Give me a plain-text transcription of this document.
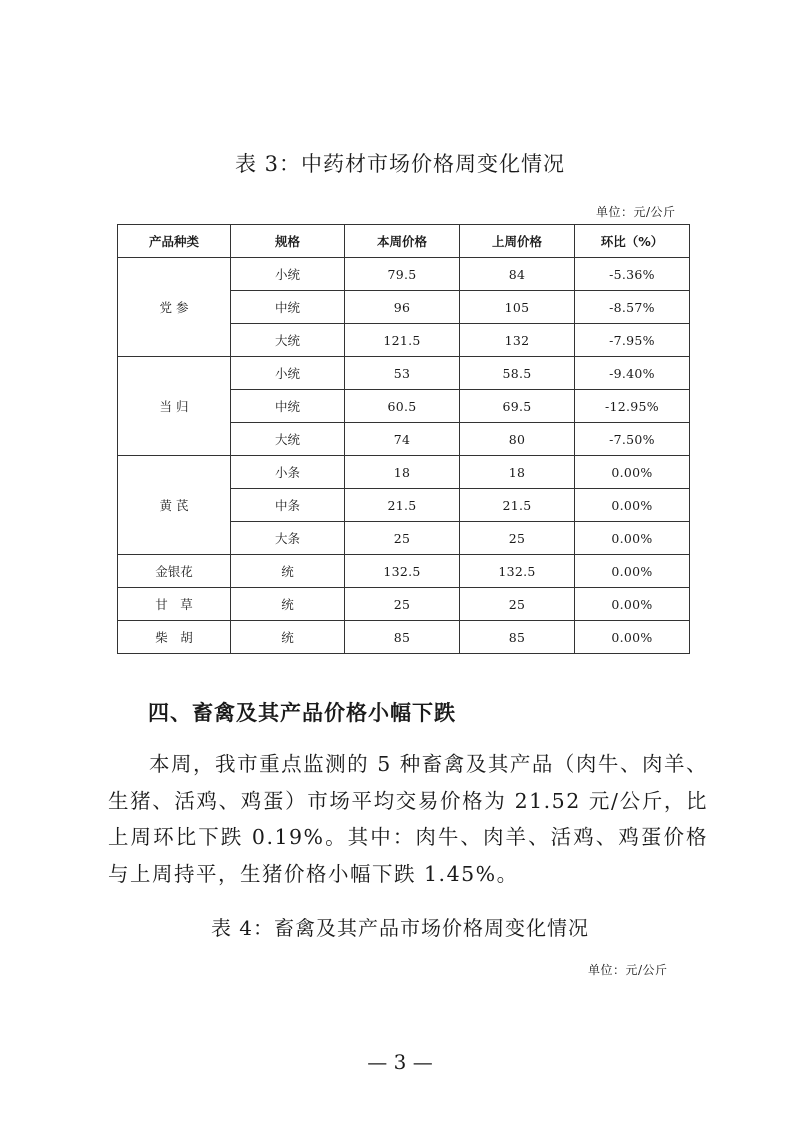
表 3：中药材市场价格周变化情况
单位：元/公斤
产品种类	规格	本周价格	上周价格	环比（%）
党 参	小统	79.5	84	-5.36%
	中统	96	105	-8.57%
	大统	121.5	132	-7.95%
当 归	小统	53	58.5	-9.40%
	中统	60.5	69.5	-12.95%
	大统	74	80	-7.50%
黄 芪	小条	18	18	0.00%
	中条	21.5	21.5	0.00%
	大条	25	25	0.00%
金银花	统	132.5	132.5	0.00%
甘　草	统	25	25	0.00%
柴　胡	统	85	85	0.00%
四、畜禽及其产品价格小幅下跌
本周，我市重点监测的 5 种畜禽及其产品（肉牛、肉羊、生猪、活鸡、鸡蛋）市场平均交易价格为 21.52 元/公斤，比上周环比下跌 0.19%。其中：肉牛、肉羊、活鸡、鸡蛋价格与上周持平，生猪价格小幅下跌 1.45%。
表 4：畜禽及其产品市场价格周变化情况
单位：元/公斤
— 3 —
